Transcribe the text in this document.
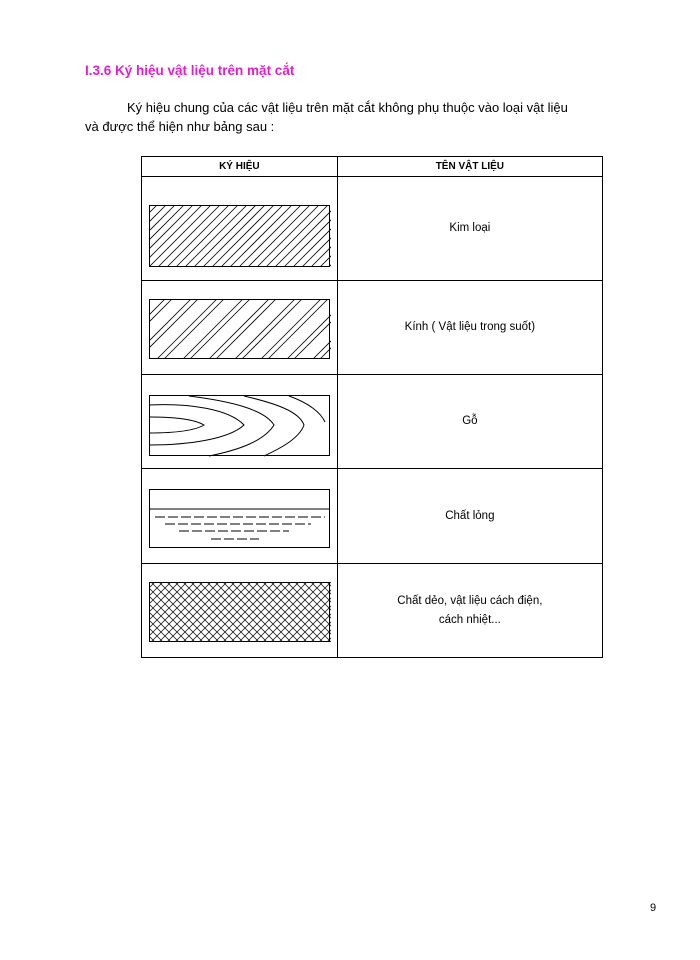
I.3.6 Ký hiệu vật liệu trên mặt cắt

Ký hiệu chung của các vật liệu trên mặt cắt không phụ thuộc vào loại vật liệu
và được thể hiện như bảng sau :

KÝ HIỆU	TÊN VẬT LIỆU

	Kim loại

	Kính ( Vật liệu trong suốt)

	Gỗ

	Chất lỏng

	Chất dẻo, vật liệu cách điện,
cách nhiệt...
9
